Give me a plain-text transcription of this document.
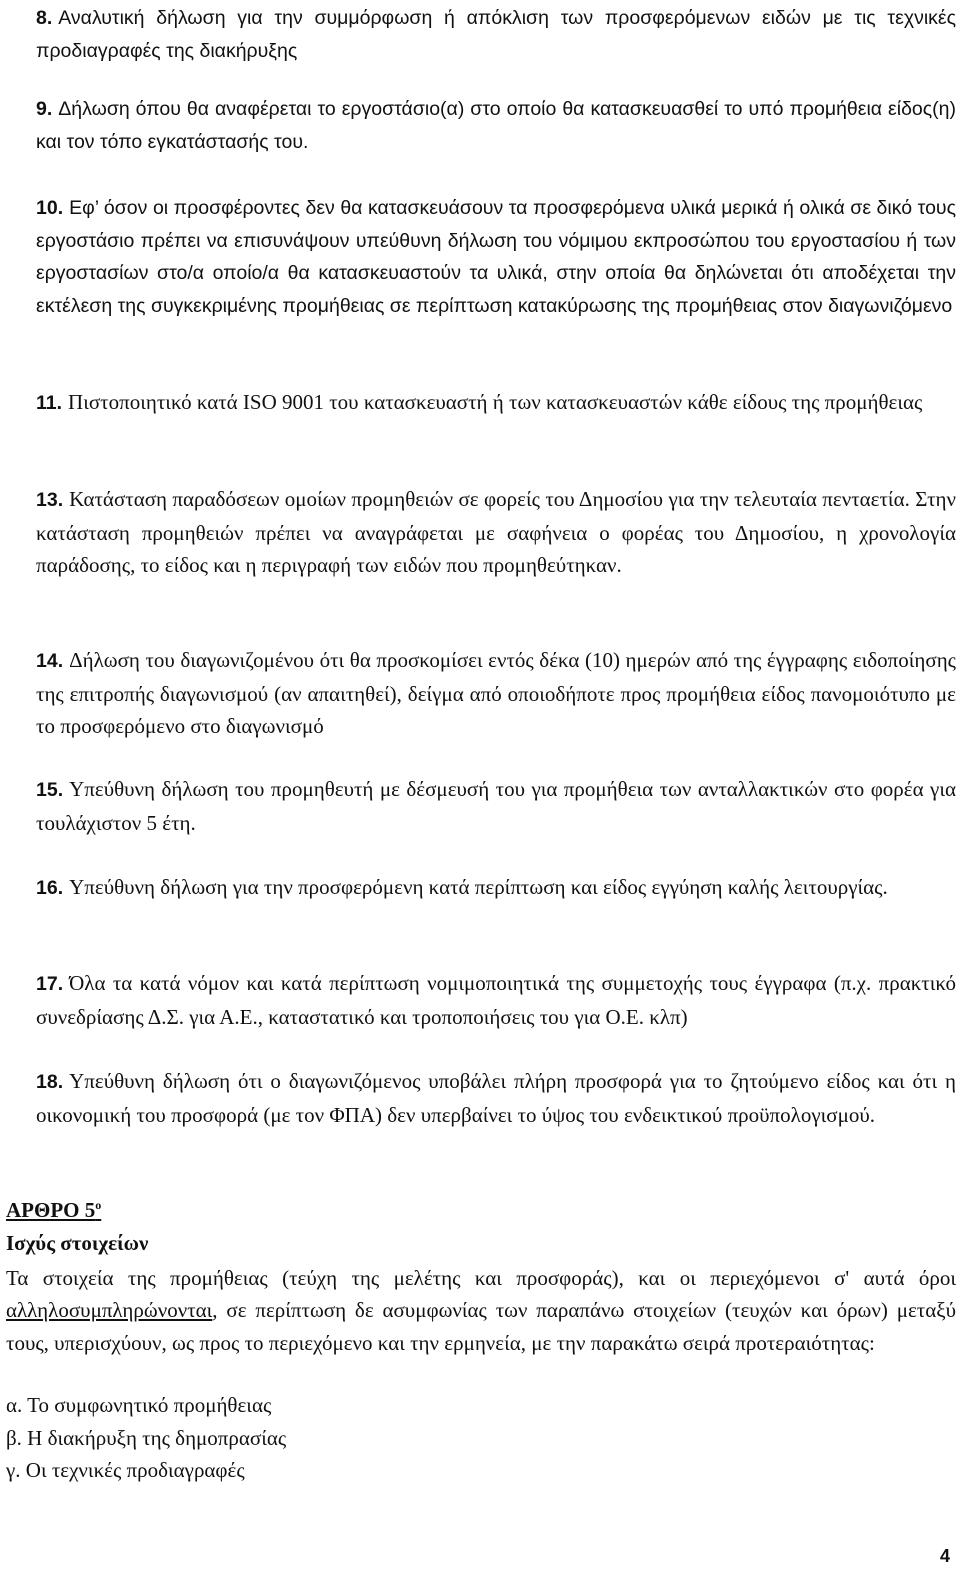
8. Αναλυτική δήλωση για την συμμόρφωση ή απόκλιση των προσφερόμενων ειδών με τις τεχνικές προδιαγραφές της διακήρυξης
9. Δήλωση όπου θα αναφέρεται το εργοστάσιο(α) στο οποίο θα κατασκευασθεί το υπό προμήθεια είδος(η) και τον τόπο εγκατάστασής του.
10. Εφ’ όσον οι προσφέροντες δεν θα κατασκευάσουν τα προσφερόμενα υλικά μερικά ή ολικά σε δικό τους εργοστάσιο πρέπει να επισυνάψουν υπεύθυνη δήλωση του νόμιμου εκπροσώπου του εργοστασίου ή των εργοστασίων στο/α οποίο/α θα κατασκευαστούν τα υλικά, στην οποία θα δηλώνεται ότι αποδέχεται την εκτέλεση της συγκεκριμένης προμήθειας σε περίπτωση κατακύρωσης της προμήθειας στον διαγωνιζόμενο
11. Πιστοποιητικό κατά ISO 9001 του κατασκευαστή ή των κατασκευαστών κάθε είδους της προμήθειας
13. Κατάσταση παραδόσεων ομοίων προμηθειών σε φορείς του Δημοσίου για την τελευταία πενταετία. Στην κατάσταση προμηθειών πρέπει να αναγράφεται με σαφήνεια ο φορέας του Δημοσίου, η χρονολογία παράδοσης, το είδος και η περιγραφή των ειδών που προμηθεύτηκαν.
14. Δήλωση του διαγωνιζομένου ότι θα προσκομίσει εντός δέκα (10) ημερών από της έγγραφης ειδοποίησης της επιτροπής διαγωνισμού (αν απαιτηθεί), δείγμα από οποιοδήποτε προς προμήθεια είδος πανομοιότυπο με το προσφερόμενο στο διαγωνισμό
15. Υπεύθυνη δήλωση του προμηθευτή με δέσμευσή του για προμήθεια των ανταλλακτικών στο φορέα για τουλάχιστον 5 έτη.
16. Υπεύθυνη δήλωση για την προσφερόμενη κατά περίπτωση και είδος εγγύηση καλής λειτουργίας.
17. Όλα τα κατά νόμον και κατά περίπτωση νομιμοποιητικά της συμμετοχής τους έγγραφα (π.χ. πρακτικό συνεδρίασης Δ.Σ. για Α.Ε., καταστατικό και τροποποιήσεις του για Ο.Ε. κλπ)
18. Υπεύθυνη δήλωση ότι ο διαγωνιζόμενος υποβάλει πλήρη προσφορά για το ζητούμενο είδος και ότι η οικονομική του προσφορά (με τον ΦΠΑ) δεν υπερβαίνει το ύψος του ενδεικτικού προϋπολογισμού.
ΑΡΘΡΟ $5^o$
Ισχύς στοιχείων
Τα στοιχεία της προμήθειας (τεύχη της μελέτης και προσφοράς), και οι περιεχόμενοι σ' αυτά όροι αλληλοσυμπληρώνονται, σε περίπτωση δε ασυμφωνίας των παραπάνω στοιχείων (τευχών και όρων) μεταξύ τους, υπερισχύουν, ως προς το περιεχόμενο και την ερμηνεία, με την παρακάτω σειρά προτεραιότητας:
α. Το συμφωνητικό προμήθειας
β. Η διακήρυξη της δημοπρασίας
γ. Οι τεχνικές προδιαγραφές
4
